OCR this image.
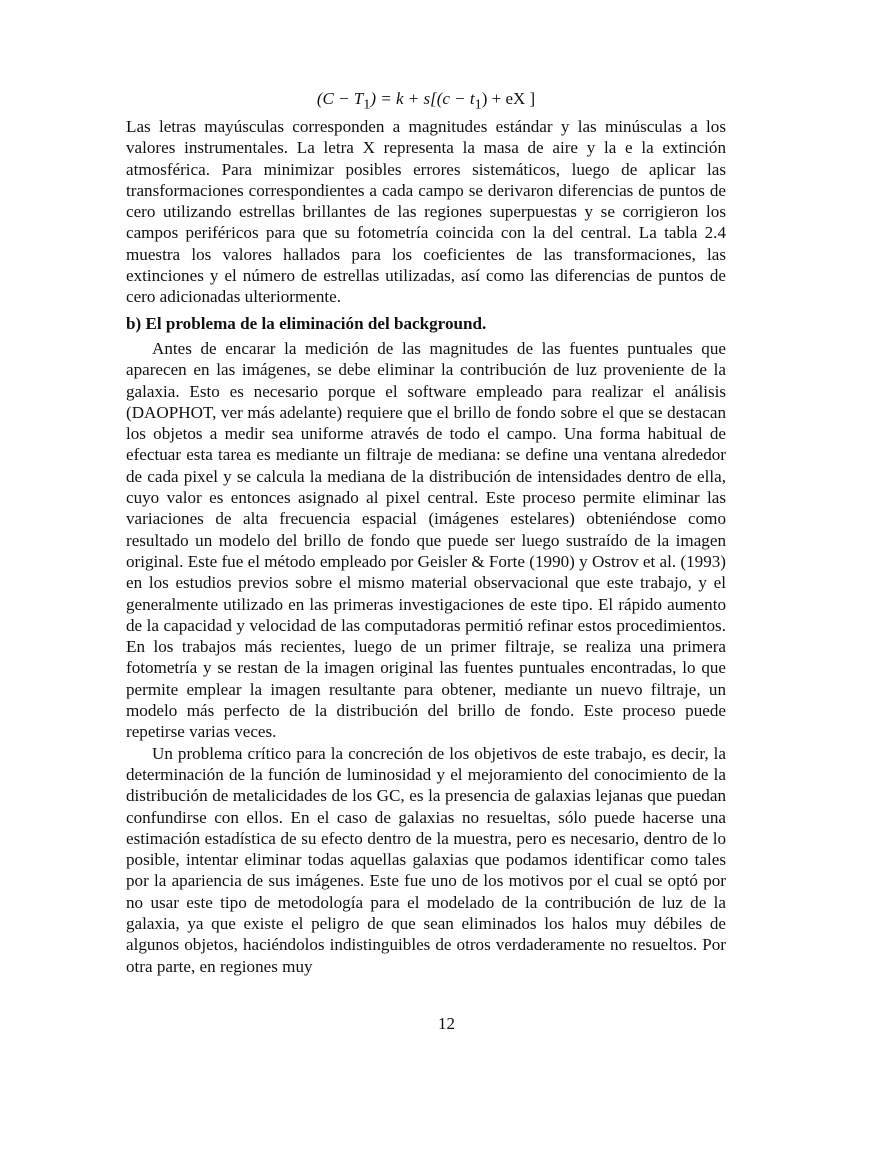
$(C - T_1) = k + s[(c - t_1)$ + eX ]

Las letras mayúsculas corresponden a magnitudes estándar y las minúsculas a los valores instrumentales. La letra X representa la masa de aire y la e la extinción atmosférica. Para minimizar posibles errores sistemáticos, luego de aplicar las transformaciones correspondientes a cada campo se derivaron diferencias de puntos de cero utilizando estrellas brillantes de las regiones superpuestas y se corrigieron los campos periféricos para que su fotometría coincida con la del central. La tabla 2.4 muestra los valores hallados para los coeficientes de las transformaciones, las extinciones y el número de estrellas utilizadas, así como las diferencias de puntos de cero adicionadas ulteriormente.

b) El problema de la eliminación del background.

Antes de encarar la medición de las magnitudes de las fuentes puntuales que aparecen en las imágenes, se debe eliminar la contribución de luz proveniente de la galaxia. Esto es necesario porque el software empleado para realizar el análisis (DAOPHOT, ver más adelante) requiere que el brillo de fondo sobre el que se destacan los objetos a medir sea uniforme através de todo el campo. Una forma habitual de efectuar esta tarea es mediante un filtraje de mediana: se define una ventana alrededor de cada pixel y se calcula la mediana de la distribución de intensidades dentro de ella, cuyo valor es entonces asignado al pixel central. Este proceso permite eliminar las variaciones de alta frecuencia espacial (imágenes estelares) obteniéndose como resultado un modelo del brillo de fondo que puede ser luego sustraído de la imagen original. Este fue el método empleado por Geisler & Forte (1990) y Ostrov et al. (1993) en los estudios previos sobre el mismo material observacional que este trabajo, y el generalmente utilizado en las primeras investigaciones de este tipo. El rápido aumento de la capacidad y velocidad de las computadoras permitió refinar estos procedimientos. En los trabajos más recientes, luego de un primer filtraje, se realiza una primera fotometría y se restan de la imagen original las fuentes puntuales encontradas, lo que permite emplear la imagen resultante para obtener, mediante un nuevo filtraje, un modelo más perfecto de la distribución del brillo de fondo. Este proceso puede repetirse varias veces.

Un problema crítico para la concreción de los objetivos de este trabajo, es decir, la determinación de la función de luminosidad y el mejoramiento del conocimiento de la distribución de metalicidades de los GC, es la presencia de galaxias lejanas que puedan confundirse con ellos. En el caso de galaxias no resueltas, sólo puede hacerse una estimación estadística de su efecto dentro de la muestra, pero es necesario, dentro de lo posible, intentar eliminar todas aquellas galaxias que podamos identificar como tales por la apariencia de sus imágenes. Este fue uno de los motivos por el cual se optó por no usar este tipo de metodología para el modelado de la contribución de luz de la galaxia, ya que existe el peligro de que sean eliminados los halos muy débiles de algunos objetos, haciéndolos indistinguibles de otros verdaderamente no resueltos. Por otra parte, en regiones muy

12
